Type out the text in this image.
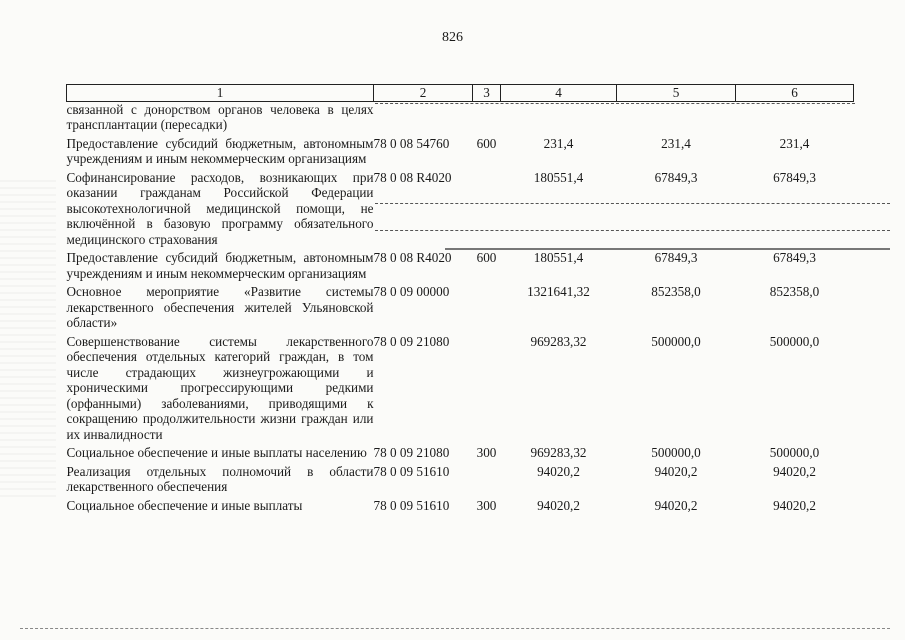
826
1	2	3	4	5	6
связанной с донорством органов человека в целях трансплантации (пересадки)					
Предоставление субсидий бюджетным, автономным учреждениям и иным некоммерческим организациям	78 0 08 54760	600	231,4	231,4	231,4
Софинансирование расходов, возникающих при оказании гражданам Российской Федерации высокотехнологичной медицинской помощи, не включённой в базовую программу обязательного медицинского страхования	78 0 08 R4020		180551,4	67849,3	67849,3
Предоставление субсидий бюджетным, автономным учреждениям и иным некоммерческим организациям	78 0 08 R4020	600	180551,4	67849,3	67849,3
Основное мероприятие «Развитие системы лекарственного обеспечения жителей Ульяновской области»	78 0 09 00000		1321641,32	852358,0	852358,0
Совершенствование системы лекарственного обеспечения отдельных категорий граждан, в том числе страдающих жизнеугрожающими и хроническими прогрессирующими редкими (орфанными) заболеваниями, приводящими к сокращению продолжительности жизни граждан или их инвалидности	78 0 09 21080		969283,32	500000,0	500000,0
Социальное обеспечение и иные выплаты населению	78 0 09 21080	300	969283,32	500000,0	500000,0
Реализация отдельных полномочий в области лекарственного обеспечения	78 0 09 51610		94020,2	94020,2	94020,2
Социальное обеспечение и иные выплаты	78 0 09 51610	300	94020,2	94020,2	94020,2
